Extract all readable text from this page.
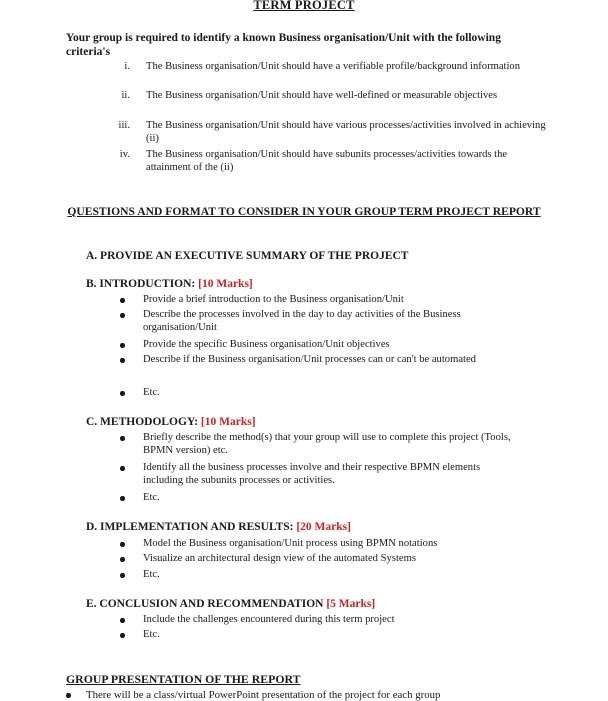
TERM PROJECT
Your group is required to identify a known Business organisation/Unit with the following criteria's
i. The Business organisation/Unit should have a verifiable profile/background information
ii. The Business organisation/Unit should have well-defined or measurable objectives
iii. The Business organisation/Unit should have various processes/activities involved in achieving (ii)
iv. The Business organisation/Unit should have subunits processes/activities towards the attainment of the (ii)
QUESTIONS AND FORMAT TO CONSIDER IN YOUR GROUP TERM PROJECT REPORT
A. PROVIDE AN EXECUTIVE SUMMARY OF THE PROJECT
B. INTRODUCTION: [10 Marks]
Provide a brief introduction to the Business organisation/Unit
Describe the processes involved in the day to day activities of the Business organisation/Unit
Provide the specific Business organisation/Unit objectives
Describe if the Business organisation/Unit processes can or can't be automated
Etc.
C. METHODOLOGY: [10 Marks]
Briefly describe the method(s) that your group will use to complete this project (Tools, BPMN version) etc.
Identify all the business processes involve and their respective BPMN elements including the subunits processes or activities.
Etc.
D. IMPLEMENTATION AND RESULTS: [20 Marks]
Model the Business organisation/Unit process using BPMN notations
Visualize an architectural design view of the automated Systems
Etc.
E. CONCLUSION AND RECOMMENDATION [5 Marks]
Include the challenges encountered during this term project
Etc.
GROUP PRESENTATION OF THE REPORT
There will be a class/virtual PowerPoint presentation of the project for each group
